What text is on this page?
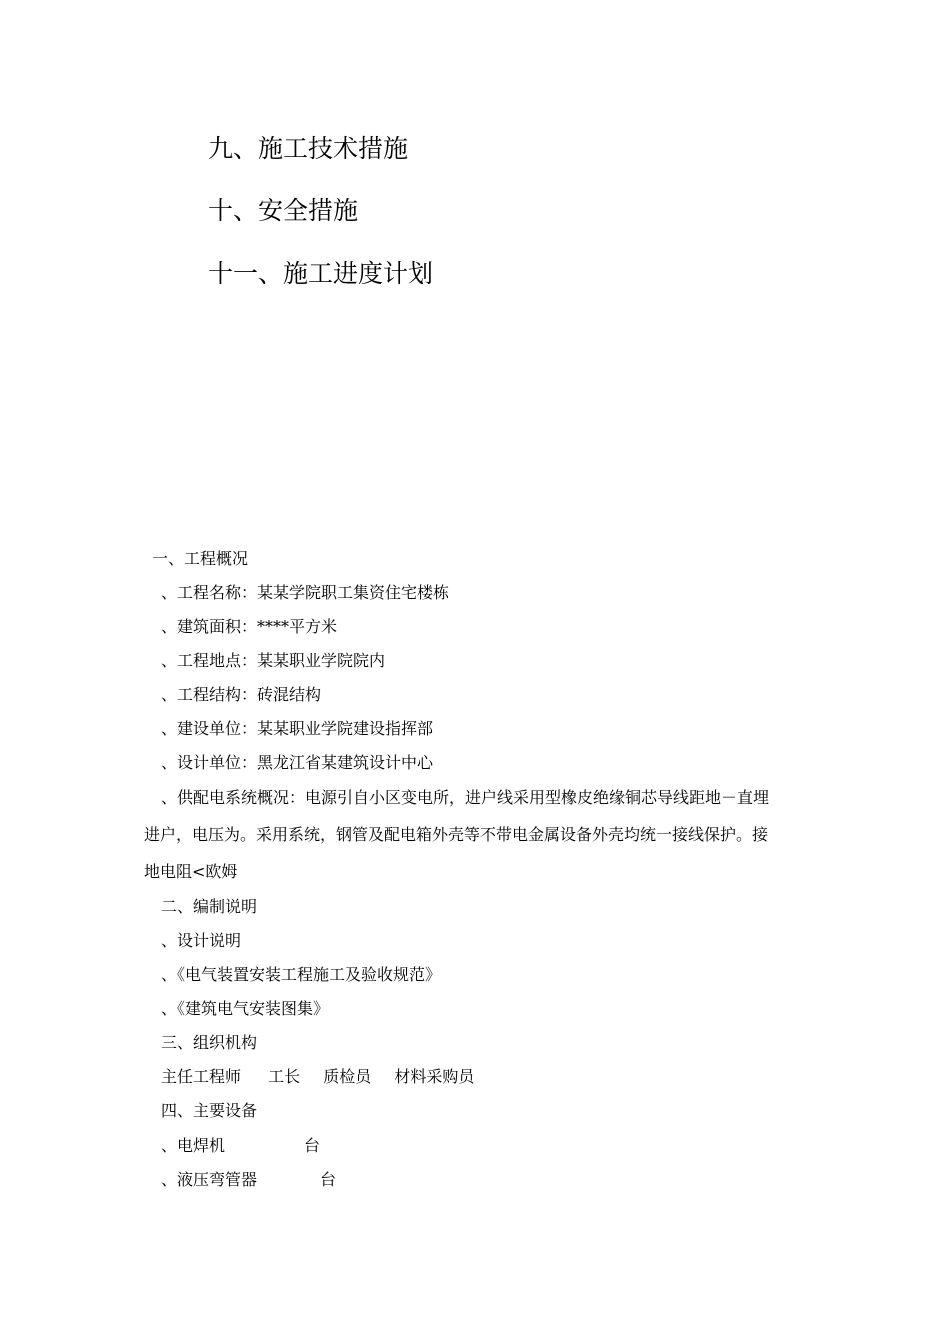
九、施工技术措施
十、安全措施
十一、施工进度计划
一、工程概况
、工程名称：某某学院职工集资住宅楼栋
、建筑面积：****平方米
、工程地点：某某职业学院院内
、工程结构：砖混结构
、建设单位：某某职业学院建设指挥部
、设计单位：黑龙江省某建筑设计中心
、供配电系统概况：电源引自小区变电所，进户线采用型橡皮绝缘铜芯导线距地－直埋
进户，电压为。采用系统，钢管及配电箱外壳等不带电金属设备外壳均统一接线保护。接
地电阻<欧姆
二、编制说明
、设计说明
、《电气装置安装工程施工及验收规范》
、《建筑电气安装图集》
三、组织机构
主任工程师 工长 质检员 材料采购员
四、主要设备
、电焊机	台
、液压弯管器	台
